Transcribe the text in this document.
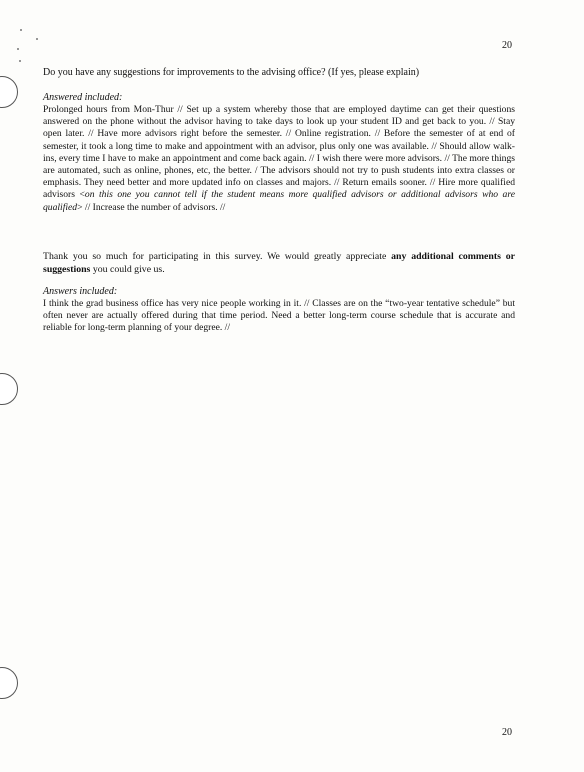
20
Do you have any suggestions for improvements to the advising office? (If yes, please explain)
Answered included:
Prolonged hours from Mon-Thur // Set up a system whereby those that are employed daytime can get their questions answered on the phone without the advisor having to take days to look up your student ID and get back to you. // Stay open later. // Have more advisors right before the semester. // Online registration. // Before the semester of at end of semester, it took a long time to make and appointment with an advisor, plus only one was available. // Should allow walk-ins, every time I have to make an appointment and come back again. // I wish there were more advisors. // The more things are automated, such as online, phones, etc, the better. / The advisors should not try to push students into extra classes or emphasis. They need better and more updated info on classes and majors. // Return emails sooner. // Hire more qualified advisors <on this one you cannot tell if the student means more qualified advisors or additional advisors who are qualified> // Increase the number of advisors. //
Thank you so much for participating in this survey. We would greatly appreciate any additional comments or suggestions you could give us.
Answers included:
I think the grad business office has very nice people working in it. // Classes are on the “two-year tentative schedule” but often never are actually offered during that time period. Need a better long-term course schedule that is accurate and reliable for long-term planning of your degree. //
20
